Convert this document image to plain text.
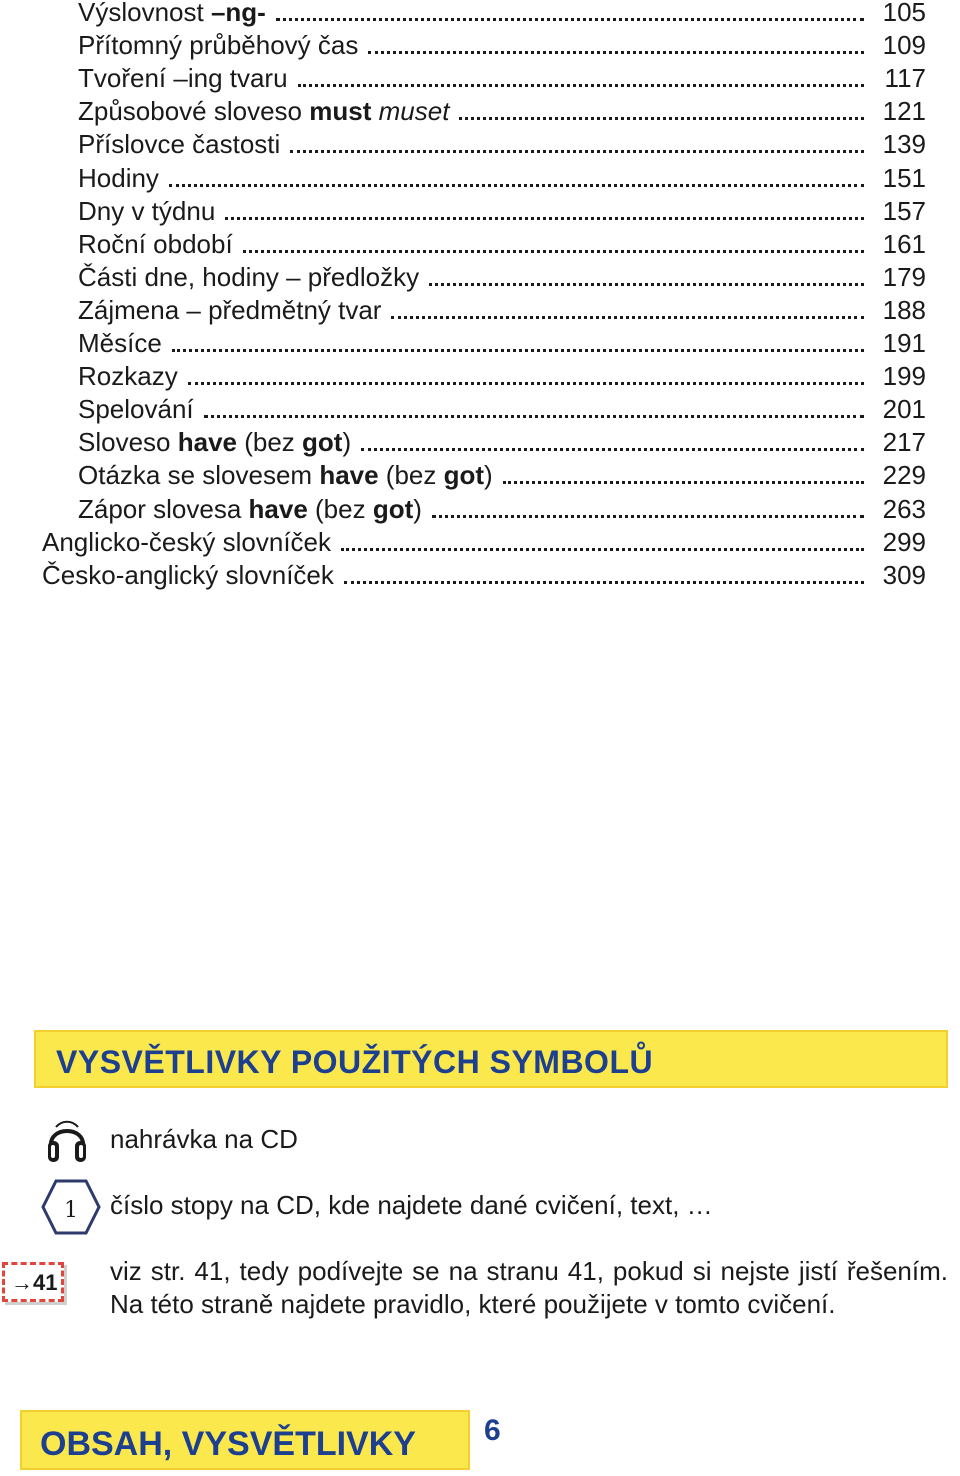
Výslovnost –ng-	105
Přítomný průběhový čas	109
Tvoření –ing tvaru	117
Způsobové sloveso must muset	121
Příslovce častosti	139
Hodiny	151
Dny v týdnu	157
Roční období	161
Části dne, hodiny – předložky	179
Zájmena – předmětný tvar	188
Měsíce	191
Rozkazy	199
Spelování	201
Sloveso have (bez got)	217
Otázka se slovesem have (bez got)	229
Zápor slovesa have (bez got)	263
Anglicko-český slovníček	299
Česko-anglický slovníček	309
VYSVĚTLIVKY POUŽITÝCH SYMBOLŮ
nahrávka na CD
1 číslo stopy na CD, kde najdete dané cvičení, text, …
→41 viz str. 41, tedy podívejte se na stranu 41, pokud si nejste jistí řešením. Na této straně najdete pravidlo, které použijete v tomto cvičení.
OBSAH, VYSVĚTLIVKY 6
